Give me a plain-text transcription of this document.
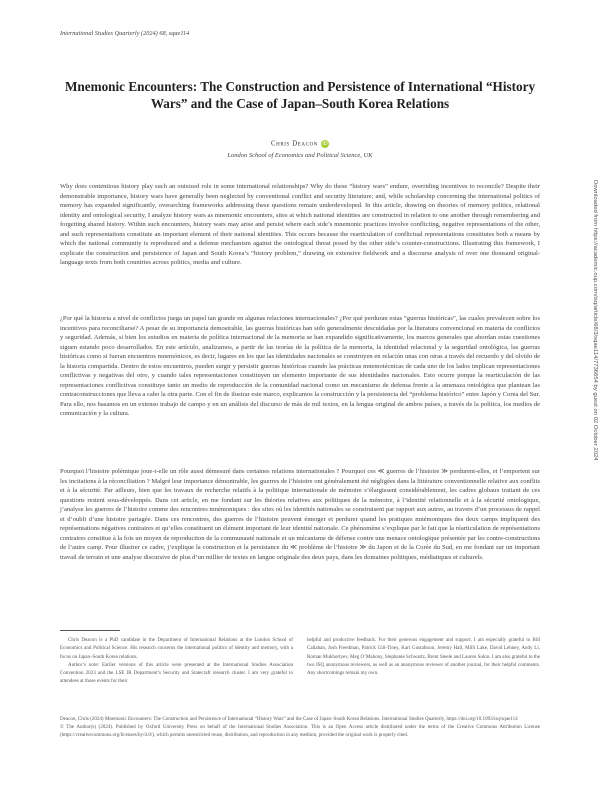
International Studies Quarterly (2024) 68, sqae114
Mnemonic Encounters: The Construction and Persistence of International “History Wars” and the Case of Japan–South Korea Relations
Chris Deacon iD
London School of Economics and Political Science, UK

Why does contentious history play such an outsized role in some international relationships? Why do these “history wars” endure, overriding incentives to reconcile? Despite their demonstrable importance, history wars have generally been neglected by conventional conflict and security literature; and, while scholarship concerning the international politics of memory has expanded significantly, overarching frameworks addressing these questions remain underdeveloped. In this article, drawing on theories of memory politics, relational identity and ontological security, I analyze history wars as mnemonic encounters, sites at which national identities are constructed in relation to one another through remembering and forgetting shared history. Within such encounters, history wars may arise and persist where each side’s mnemonic practices involve conflicting, negative representations of the other, and such representations constitute an important element of their national identities. This occurs because the rearticulation of conflictual representations constitutes both a means by which the national community is reproduced and a defense mechanism against the ontological threat posed by the other side’s counter-constructions. Illustrating this framework, I explicate the construction and persistence of Japan and South Korea’s “history problem,” drawing on extensive fieldwork and a discourse analysis of over one thousand original-language texts from both countries across politics, media and culture.

¿Por qué la historia a nivel de conflictos juega un papel tan grande en algunas relaciones internacionales? ¿Por qué perduran estas “guerras históricas”, las cuales prevalecen sobre los incentivos para reconciliarse? A pesar de su importancia demostrable, las guerras históricas han sido generalmente descuidadas por la literatura convencional en materia de conflictos y seguridad. Además, si bien los estudios en materia de política internacional de la memoria se han expandido significativamente, los marcos generales que abordan estas cuestiones siguen estando poco desarrollados. En este artículo, analizamos, a partir de las teorías de la política de la memoria, la identidad relacional y la seguridad ontológica, las guerras históricas como si fueran encuentros mnemónicos, es decir, lugares en los que las identidades nacionales se construyen en relación unas con otras a través del recuerdo y del olvido de la historia compartida. Dentro de estos encuentros, pueden surgir y persistir guerras históricas cuando las prácticas mnemotécnicas de cada uno de los lados implican representaciones conflictivas y negativas del otro, y cuando tales representaciones constituyen un elemento importante de sus identidades nacionales. Esto ocurre porque la rearticulación de las representaciones conflictivas constituye tanto un medio de reproducción de la comunidad nacional como un mecanismo de defensa frente a la amenaza ontológica que plantean las contraconstrucciones que lleva a cabo la otra parte. Con el fin de ilustrar este marco, explicamos la construcción y la persistencia del “problema histórico” entre Japón y Corea del Sur. Para ello, nos basamos en un extenso trabajo de campo y en un análisis del discurso de más de mil textos, en la lengua original de ambos países, a través de la política, los medios de comunicación y la cultura.

Pourquoi l’histoire polémique joue-t-elle un rôle aussi démesuré dans certaines relations internationales ? Pourquoi ces ≪ guerres de l’histoire ≫ perdurent-elles, et l’emportent sur les incitations à la réconciliation ? Malgré leur importance démontrable, les guerres de l’histoire ont généralement été négligées dans la littérature conventionnelle relative aux conflits et à la sécurité. Par ailleurs, bien que les travaux de recherche relatifs à la politique internationale de mémoire s’élargissent considérablement, les cadres globaux traitant de ces questions restent sous-développés. Dans cet article, en me fondant sur les théories relatives aux politiques de la mémoire, à l’identité relationnelle et à la sécurité ontologique, j’analyse les guerres de l’histoire comme des rencontres mnémoniques : des sites où les identités nationales se construisent par rapport aux autres, au travers d’un processus de rappel et d’oubli d’une histoire partagée. Dans ces rencontres, des guerres de l’histoire peuvent émerger et perdurer quand les pratiques mnémoniques des deux camps impliquent des représentations négatives contraires et qu’elles constituent un élément important de leur identité nationale. Ce phénomène s’explique par le fait que la réarticulation de représentations contraires constitue à la fois un moyen de reproduction de la communauté nationale et un mécanisme de défense contre une menace ontologique présentée par les contre-constructions de l’autre camp. Pour illustrer ce cadre, j’explique la construction et la persistance du ≪ problème de l’histoire ≫ du Japon et de la Corée du Sud, en me fondant sur un important travail de terrain et une analyse discursive de plus d’un millier de textes en langue originale des deux pays, dans les domaines politiques, médiatiques et culturels.

Chris Deacon is a PhD candidate in the Department of International Relations at the London School of Economics and Political Science. His research concerns the international politics of identity and memory, with a focus on Japan–South Korea relations.

Author’s note: Earlier versions of this article were presented at the International Studies Association Convention 2023 and the LSE IR Department’s Security and Statecraft research cluster. I am very grateful to attendees at those events for their

helpful and productive feedback. For their generous engagement and support, I am especially grateful to Bill Callahan, Josh Freedman, Patrick Gill-Tiney, Karl Gustafsson, Jeremy Hall, Milli Lake, David Lehney, Andy Li, Roman Mukhortyev, Meg O’Mahony, Stephanie Schwartz, Brent Steele and Lauren Sukin. I am also grateful to the two ISQ anonymous reviewers, as well as an anonymous reviewer of another journal, for their helpful comments. Any shortcomings remain my own.

Deacon, Chris (2024) Mnemonic Encounters: The Construction and Persistence of International “History Wars” and the Case of Japan–South Korea Relations. International Studies Quarterly, https://doi.org/10.1093/isq/sqae114

© The Author(s) (2024). Published by Oxford University Press on behalf of the International Studies Association. This is an Open Access article distributed under the terms of the Creative Commons Attribution License (https://creativecommons.org/licenses/by/4.0/), which permits unrestricted reuse, distribution, and reproduction in any medium, provided the original work is properly cited.

Downloaded from https://academic.oup.com/isq/article/68/3/sqae114/7736654 by guest on 02 October 2024
